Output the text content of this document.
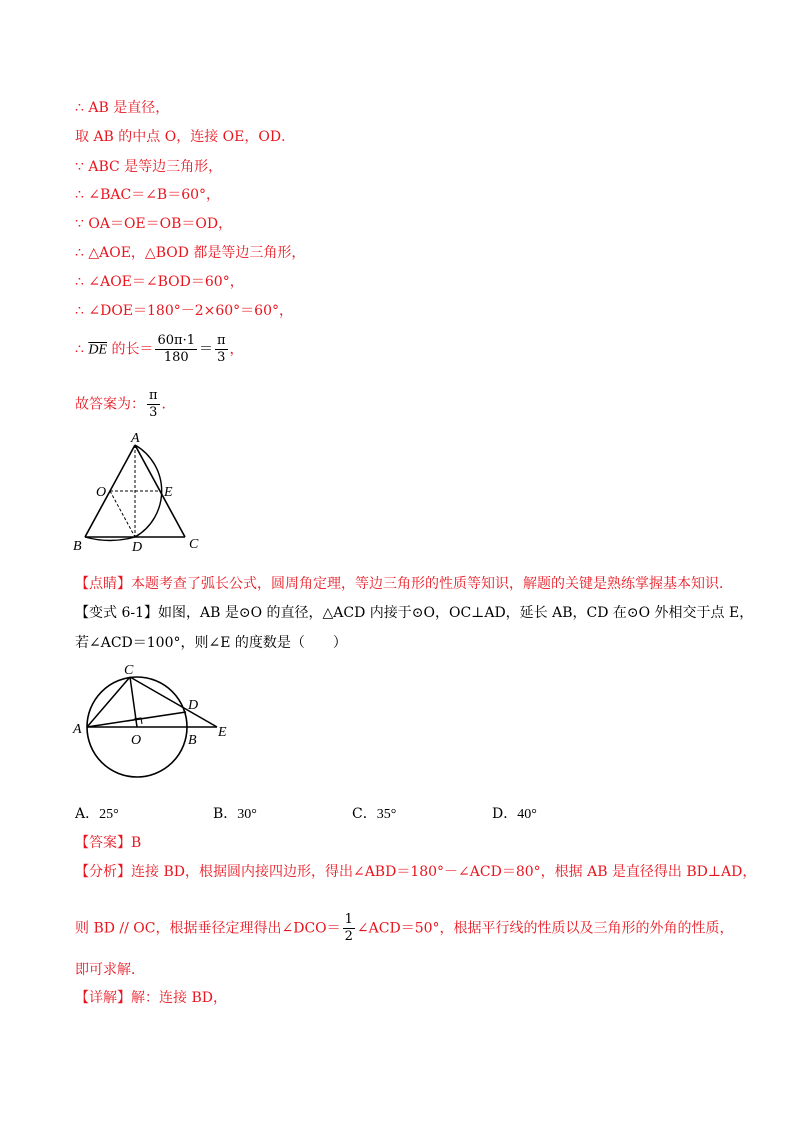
∴ AB 是直径，
取 AB 的中点 O，连接 OE，OD．
∵ ABC 是等边三角形，
∴ ∠BAC＝∠B＝60°，
∵ OA＝OE＝OB＝OD，
∴ △AOE，△BOD 都是等边三角形，
∴ ∠AOE＝∠BOD＝60°，
∴ ∠DOE＝180°－2×60°＝60°，
∴ $\overline{DE}$ 的长＝ $\frac{60\pi\cdot 1}{180} = \frac{\pi}{3}$ ，
故答案为： $\frac{\pi}{3}$ ．
A
O	E
B	D	C
【点睛】本题考查了弧长公式，圆周角定理，等边三角形的性质等知识，解题的关键是熟练掌握基本知识．
【变式 6-1】如图，AB 是⊙O 的直径，△ACD 内接于⊙O，OC⊥AD，延长 AB，CD 在⊙O 外相交于点 E，
若∠ACD＝100°，则∠E 的度数是（　　）
C
D
A
O	B
E
A．25°	B．30°	C．35°	D．40°
【答案】B
【分析】连接 BD，根据圆内接四边形，得出∠ABD＝180°－∠ACD＝80°，根据 AB 是直径得出 BD⊥AD，
则 BD // OC，根据垂径定理得出∠DCO＝ $\frac{1}{2}$ ∠ACD＝50°，根据平行线的性质以及三角形的外角的性质，
即可求解．
【详解】解：连接 BD，
